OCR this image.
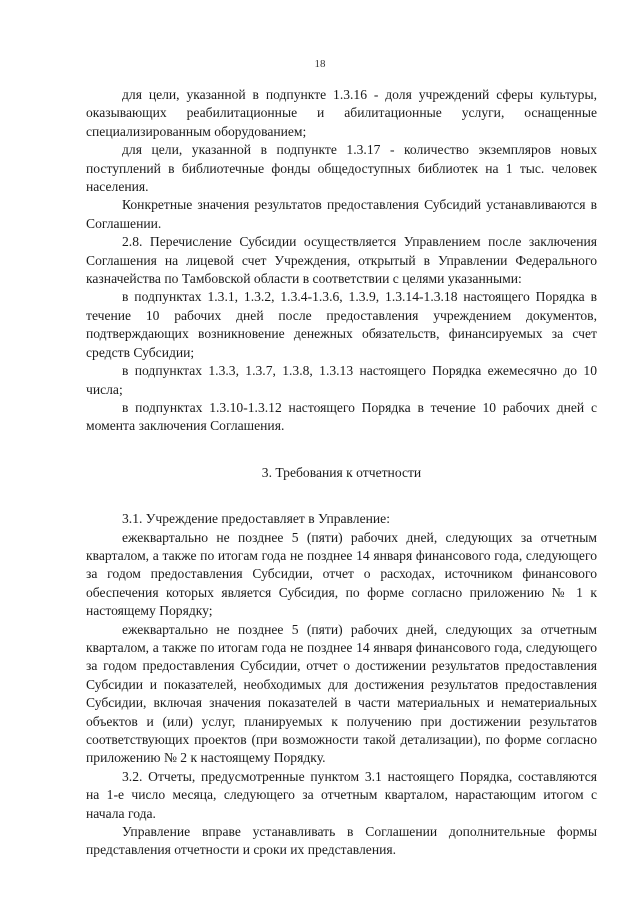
18

для цели, указанной в подпункте 1.3.16 - доля учреждений сферы культуры, оказывающих реабилитационные и абилитационные услуги, оснащенные специализированным оборудованием;

для цели, указанной в подпункте 1.3.17 - количество экземпляров новых поступлений в библиотечные фонды общедоступных библиотек на 1 тыс. человек населения.

Конкретные значения результатов предоставления Субсидий устанавливаются в Соглашении.

2.8. Перечисление Субсидии осуществляется Управлением после заключения Соглашения на лицевой счет Учреждения, открытый в Управлении Федерального казначейства по Тамбовской области в соответствии с целями указанными:

в подпунктах 1.3.1, 1.3.2, 1.3.4-1.3.6, 1.3.9, 1.3.14-1.3.18 настоящего Порядка в течение 10 рабочих дней после предоставления учреждением документов, подтверждающих возникновение денежных обязательств, финансируемых за счет средств Субсидии;

в подпунктах 1.3.3, 1.3.7, 1.3.8, 1.3.13 настоящего Порядка ежемесячно до 10 числа;

в подпунктах 1.3.10-1.3.12 настоящего Порядка в течение 10 рабочих дней с момента заключения Соглашения.

3. Требования к отчетности

3.1. Учреждение предоставляет в Управление:

ежеквартально не позднее 5 (пяти) рабочих дней, следующих за отчетным кварталом, а также по итогам года не позднее 14 января финансового года, следующего за годом предоставления Субсидии, отчет о расходах, источником финансового обеспечения которых является Субсидия, по форме согласно приложению № 1 к настоящему Порядку;

ежеквартально не позднее 5 (пяти) рабочих дней, следующих за отчетным кварталом, а также по итогам года не позднее 14 января финансового года, следующего за годом предоставления Субсидии, отчет о достижении результатов предоставления Субсидии и показателей, необходимых для достижения результатов предоставления Субсидии, включая значения показателей в части материальных и нематериальных объектов и (или) услуг, планируемых к получению при достижении результатов соответствующих проектов (при возможности такой детализации), по форме согласно приложению № 2 к настоящему Порядку.

3.2. Отчеты, предусмотренные пунктом 3.1 настоящего Порядка, составляются на 1-е число месяца, следующего за отчетным кварталом, нарастающим итогом с начала года.

Управление вправе устанавливать в Соглашении дополнительные формы представления отчетности и сроки их представления.
